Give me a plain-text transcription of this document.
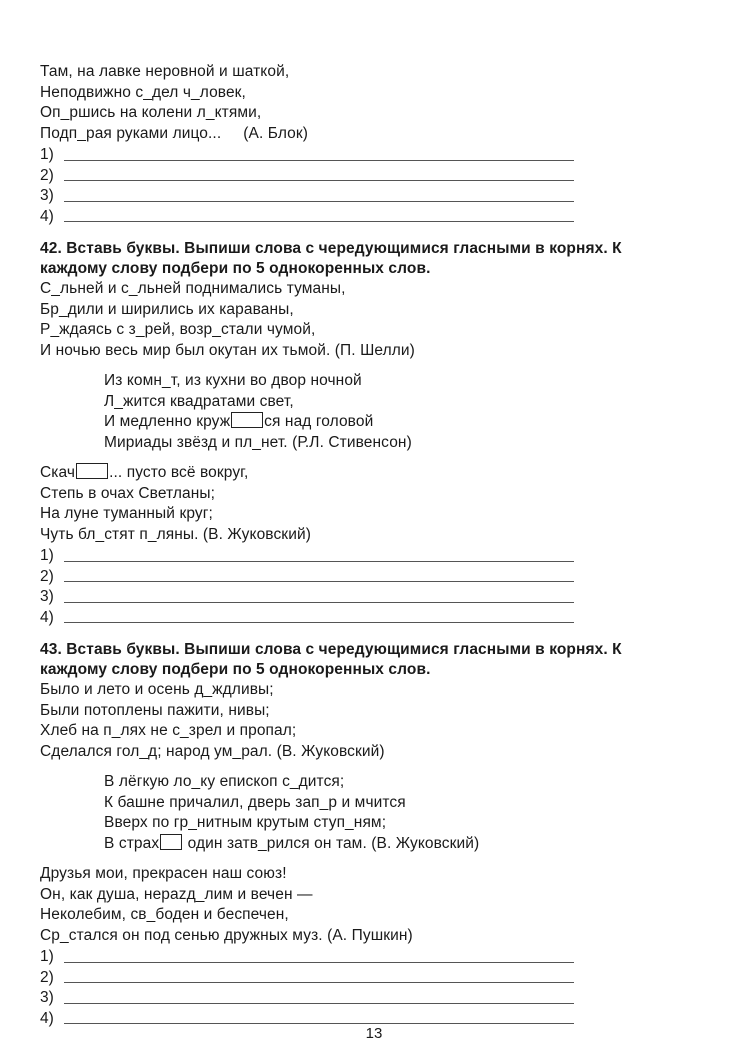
Там, на лавке неровной и шаткой,
Неподвижно с_дел ч_ловек,
Оп_ршись на колени л_ктями,
Подп_рая руками лицо...     (А. Блок)
1)
2)
3)
4)
42. Вставь буквы. Выпиши слова с чередующимися гласными в корнях. К
каждому слову подбери по 5 однокоренных слов.
С_льней и с_льней поднимались туманы,
Бр_дили и ширились их караваны,
Р_ждаясь с з_рей, возр_стали чумой,
И ночью весь мир был окутан их тьмой. (П. Шелли)
Из комн_т, из кухни во двор ночной
Л_жится квадратами свет,
И медленно круж ся над головой
Мириады звёзд и пл_нет. (Р.Л. Стивенсон)
Скач ... пусто всё вокруг,
Степь в очах Светланы;
На луне туманный круг;
Чуть бл_стят п_ляны. (В. Жуковский)
1)
2)
3)
4)
43. Вставь буквы. Выпиши слова с чередующимися гласными в корнях. К
каждому слову подбери по 5 однокоренных слов.
Было и лето и осень д_ждливы;
Были потоплены пажити, нивы;
Хлеб на п_лях не с_зрел и пропал;
Сделался гол_д; народ ум_рал. (В. Жуковский)
В лёгкую ло_ку епископ с_дится;
К башне причалил, дверь зап_р и мчится
Вверх по гр_нитным крутым ступ_ням;
В страх один затв_рился он там. (В. Жуковский)
Друзья мои, прекрасен наш союз!
Он, как душа, нерazд_лим и вечен —
Неколебим, св_боден и беспечен,
Ср_стался он под сенью дружных муз. (А. Пушкин)
1)
2)
3)
4)
13
